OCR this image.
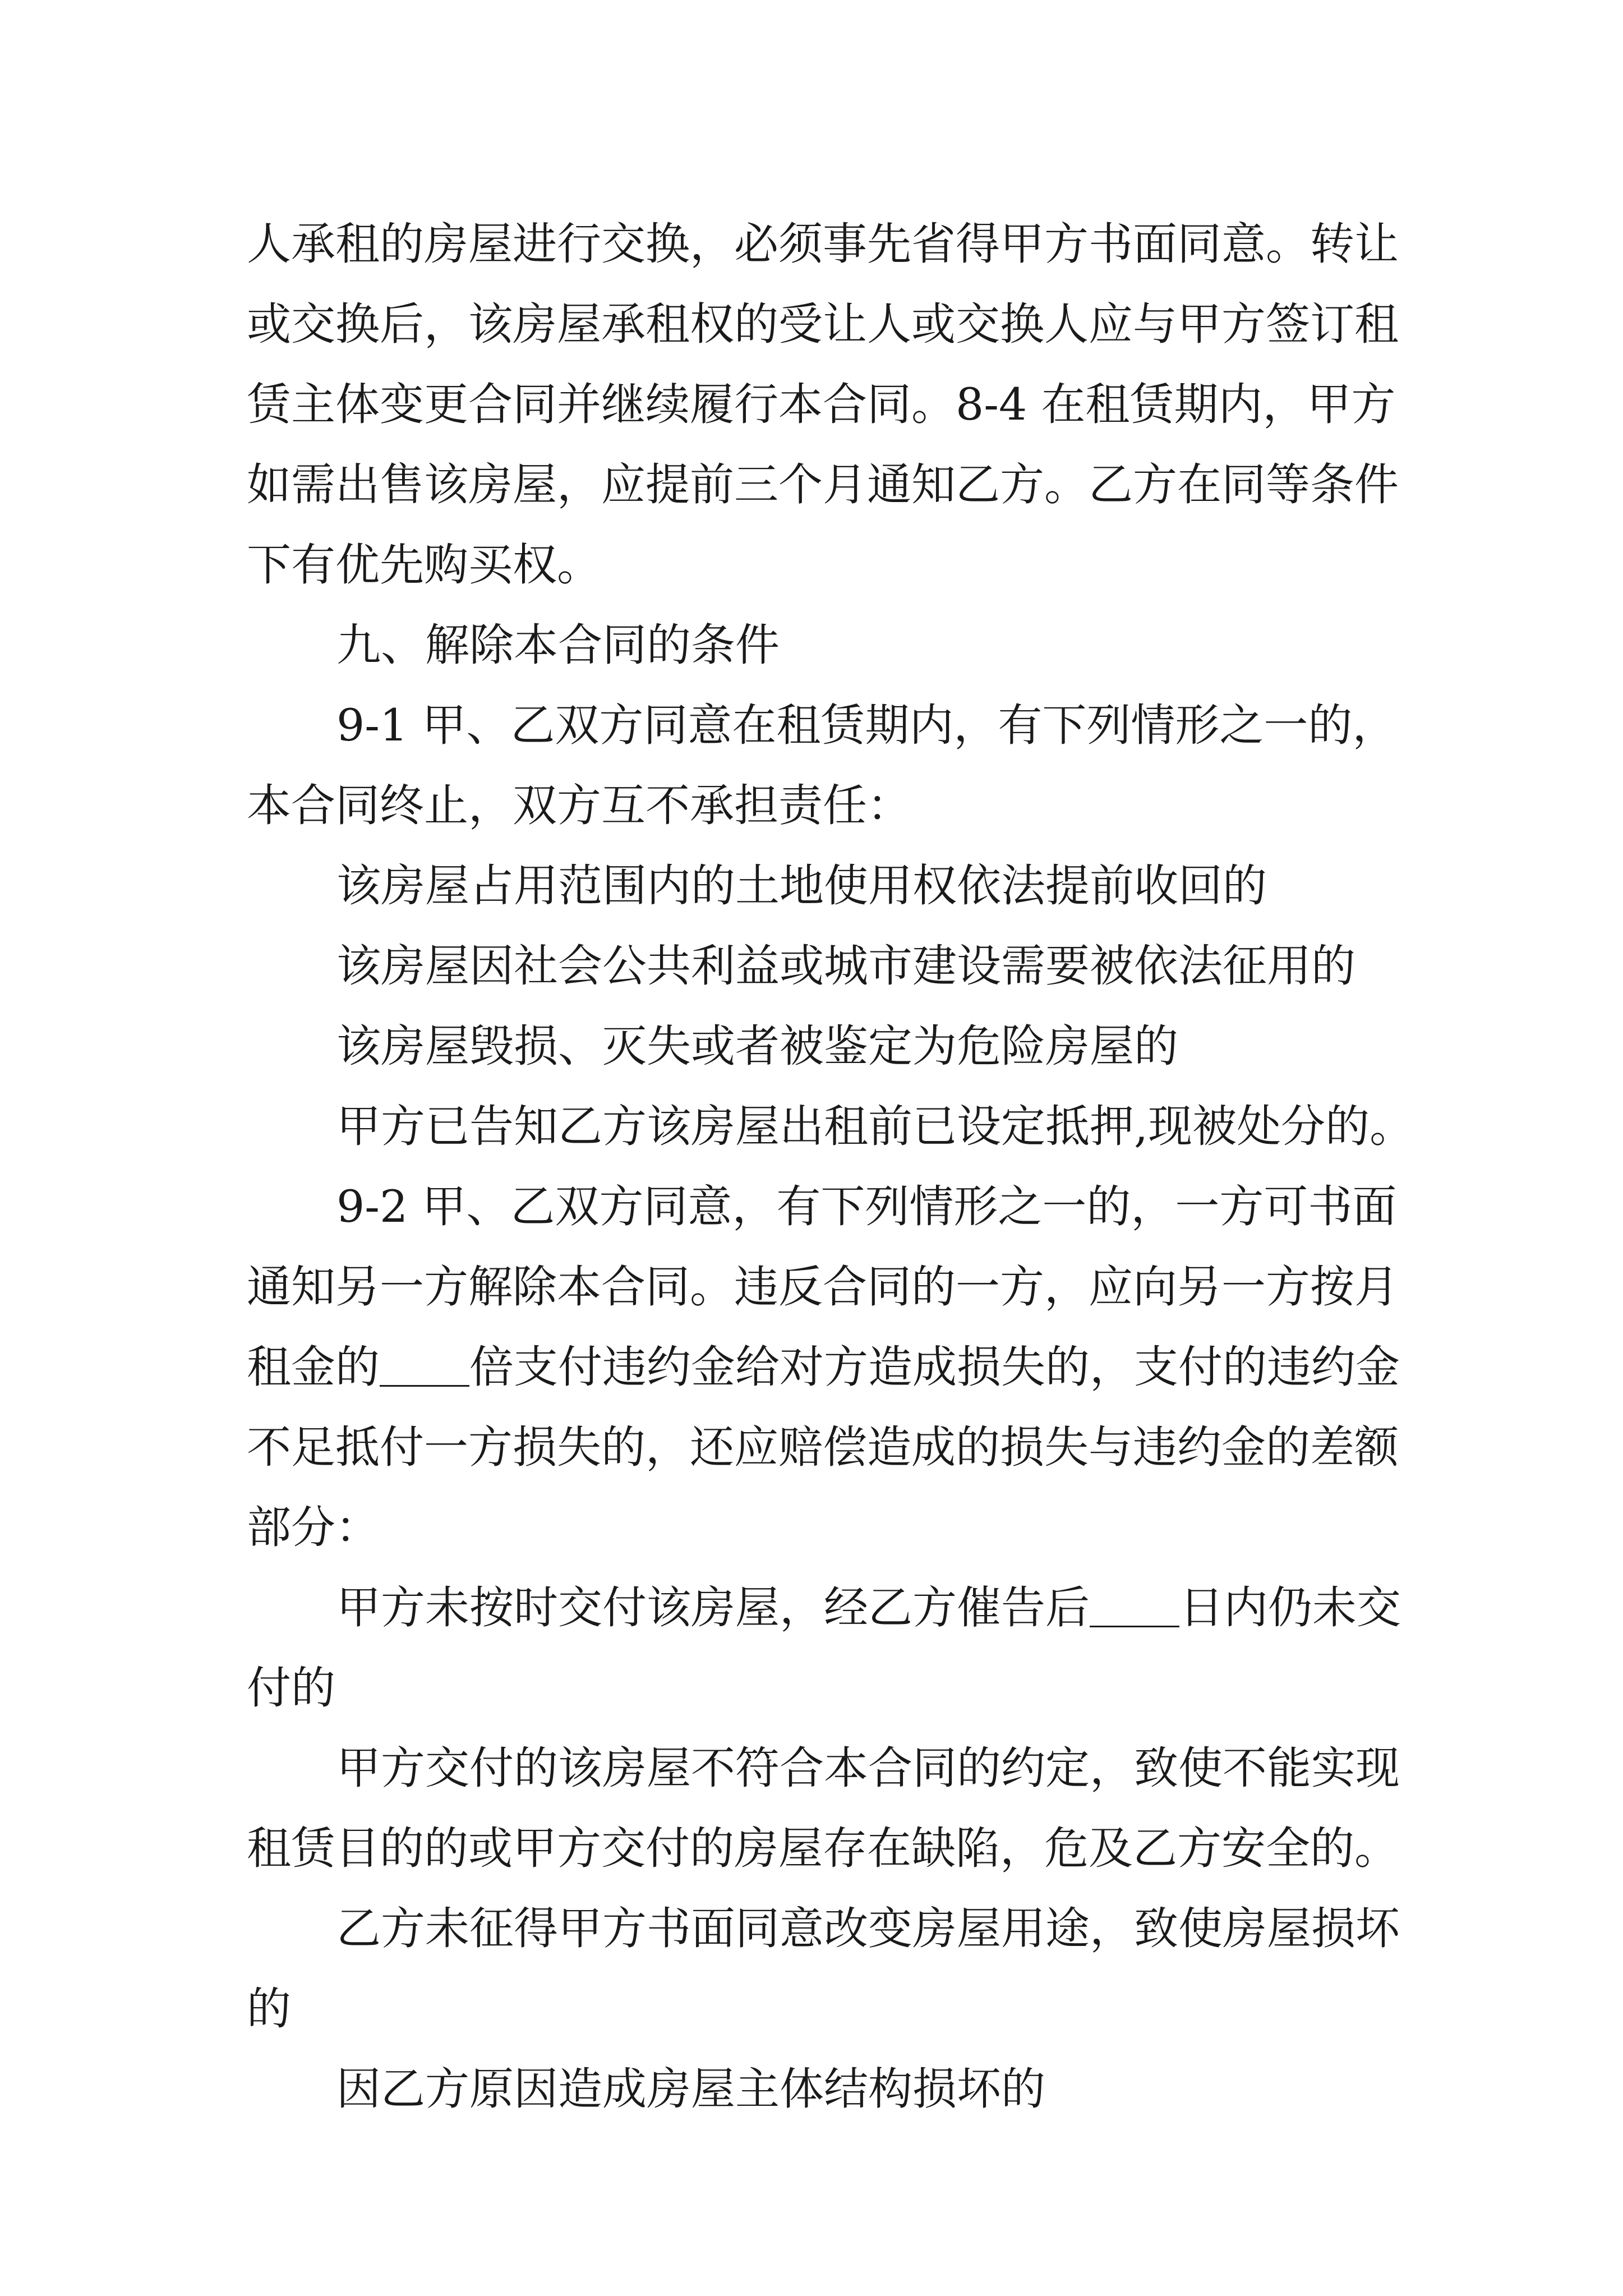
人承租的房屋进行交换，必须事先省得甲方书面同意。转让
或交换后，该房屋承租权的受让人或交换人应与甲方签订租
赁主体变更合同并继续履行本合同。8-4 在租赁期内，甲方
如需出售该房屋，应提前三个月通知乙方。乙方在同等条件
下有优先购买权。
九、解除本合同的条件
9-1 甲、乙双方同意在租赁期内，有下列情形之一的，
本合同终止，双方互不承担责任：
该房屋占用范围内的土地使用权依法提前收回的
该房屋因社会公共利益或城市建设需要被依法征用的
该房屋毁损、灭失或者被鉴定为危险房屋的
甲方已告知乙方该房屋出租前已设定抵押,现被处分的。
9-2 甲、乙双方同意，有下列情形之一的，一方可书面
通知另一方解除本合同。违反合同的一方，应向另一方按月
租金的 倍支付违约金给对方造成损失的，支付的违约金
不足抵付一方损失的，还应赔偿造成的损失与违约金的差额
部分：
甲方未按时交付该房屋，经乙方催告后 日内仍未交
付的
甲方交付的该房屋不符合本合同的约定，致使不能实现
租赁目的的或甲方交付的房屋存在缺陷，危及乙方安全的。
乙方未征得甲方书面同意改变房屋用途，致使房屋损坏
的
因乙方原因造成房屋主体结构损坏的
